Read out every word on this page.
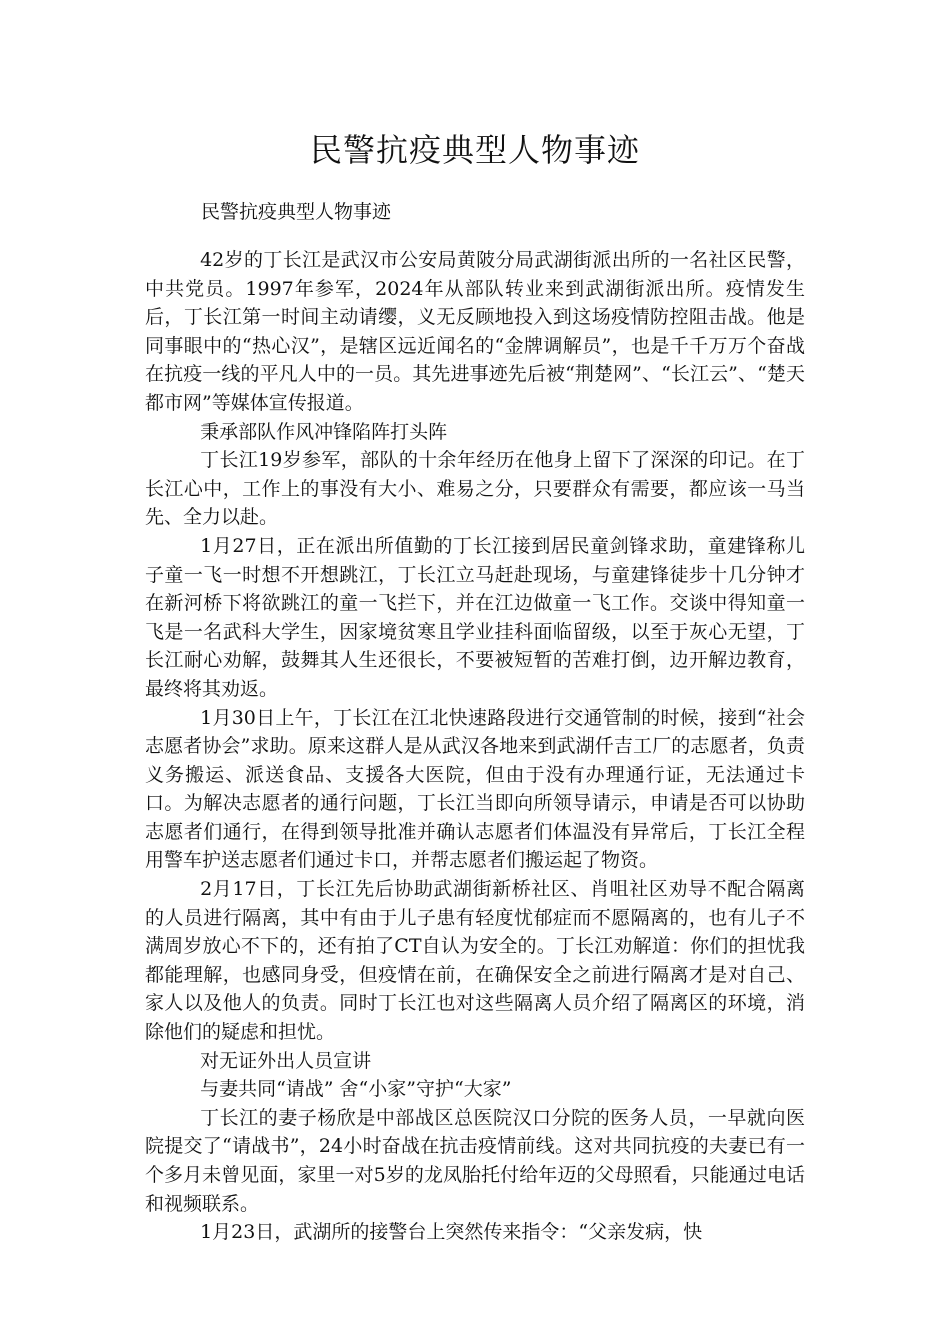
民警抗疫典型人物事迹
民警抗疫典型人物事迹

42岁的丁长江是武汉市公安局黄陂分局武湖街派出所的一名社区民警，中共党员。1997年参军，2024年从部队转业来到武湖街派出所。疫情发生后，丁长江第一时间主动请缨，义无反顾地投入到这场疫情防控阻击战。他是同事眼中的“热心汉”，是辖区远近闻名的“金牌调解员”，也是千千万万个奋战在抗疫一线的平凡人中的一员。其先进事迹先后被“荆楚网”、“长江云”、“楚天都市网”等媒体宣传报道。

秉承部队作风冲锋陷阵打头阵

丁长江19岁参军，部队的十余年经历在他身上留下了深深的印记。在丁长江心中，工作上的事没有大小、难易之分，只要群众有需要，都应该一马当先、全力以赴。

1月27日，正在派出所值勤的丁长江接到居民童剑锋求助，童建锋称儿子童一飞一时想不开想跳江，丁长江立马赶赴现场，与童建锋徒步十几分钟才在新河桥下将欲跳江的童一飞拦下，并在江边做童一飞工作。交谈中得知童一飞是一名武科大学生，因家境贫寒且学业挂科面临留级，以至于灰心无望，丁长江耐心劝解，鼓舞其人生还很长，不要被短暂的苦难打倒，边开解边教育，最终将其劝返。

1月30日上午，丁长江在江北快速路段进行交通管制的时候，接到“社会志愿者协会”求助。原来这群人是从武汉各地来到武湖仟吉工厂的志愿者，负责义务搬运、派送食品、支援各大医院，但由于没有办理通行证，无法通过卡口。为解决志愿者的通行问题，丁长江当即向所领导请示，申请是否可以协助志愿者们通行，在得到领导批准并确认志愿者们体温没有异常后，丁长江全程用警车护送志愿者们通过卡口，并帮志愿者们搬运起了物资。

2月17日，丁长江先后协助武湖街新桥社区、肖咀社区劝导不配合隔离的人员进行隔离，其中有由于儿子患有轻度忧郁症而不愿隔离的，也有儿子不满周岁放心不下的，还有拍了CT自认为安全的。丁长江劝解道：你们的担忧我都能理解，也感同身受，但疫情在前，在确保安全之前进行隔离才是对自己、家人以及他人的负责。同时丁长江也对这些隔离人员介绍了隔离区的环境，消除他们的疑虑和担忧。

对无证外出人员宣讲

与妻共同“请战” 舍“小家”守护“大家”

丁长江的妻子杨欣是中部战区总医院汉口分院的医务人员，一早就向医院提交了“请战书”，24小时奋战在抗击疫情前线。这对共同抗疫的夫妻已有一个多月未曾见面，家里一对5岁的龙凤胎托付给年迈的父母照看，只能通过电话和视频联系。

1月23日，武湖所的接警台上突然传来指令：“父亲发病，快
